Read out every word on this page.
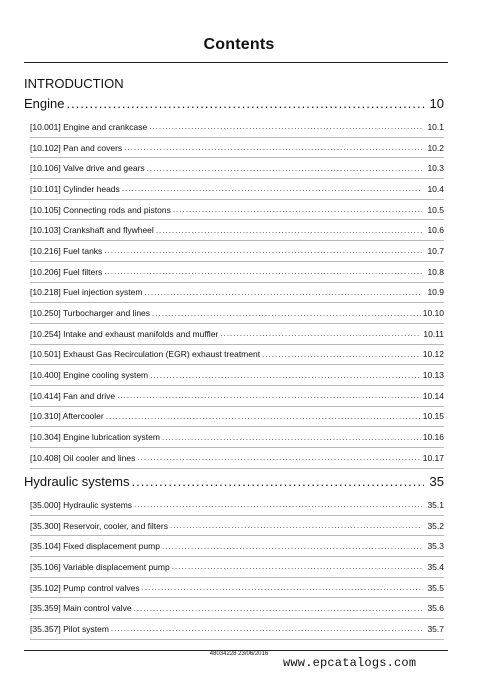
Contents
INTRODUCTION
Engine .....	10
[10.001] Engine and crankcase .....	10.1
[10.102] Pan and covers .....	10.2
[10.106] Valve drive and gears .....	10.3
[10.101] Cylinder heads .....	10.4
[10.105] Connecting rods and pistons .....	10.5
[10.103] Crankshaft and flywheel .....	10.6
[10.216] Fuel tanks .....	10.7
[10.206] Fuel filters .....	10.8
[10.218] Fuel injection system .....	10.9
[10.250] Turbocharger and lines .....	10.10
[10.254] Intake and exhaust manifolds and muffler .....	10.11
[10.501] Exhaust Gas Recirculation (EGR) exhaust treatment .....	10.12
[10.400] Engine cooling system .....	10.13
[10.414] Fan and drive .....	10.14
[10.310] Aftercooler .....	10.15
[10.304] Engine lubrication system .....	10.16
[10.408] Oil cooler and lines .....	10.17
Hydraulic systems .....	35
[35.000] Hydraulic systems .....	35.1
[35.300] Reservoir, cooler, and filters .....	35.2
[35.104] Fixed displacement pump .....	35.3
[35.106] Variable displacement pump .....	35.4
[35.102] Pump control valves .....	35.5
[35.359] Main control valve .....	35.6
[35.357] Pilot system .....	35.7
48034228 23/06/2016
www.epcatalogs.com
